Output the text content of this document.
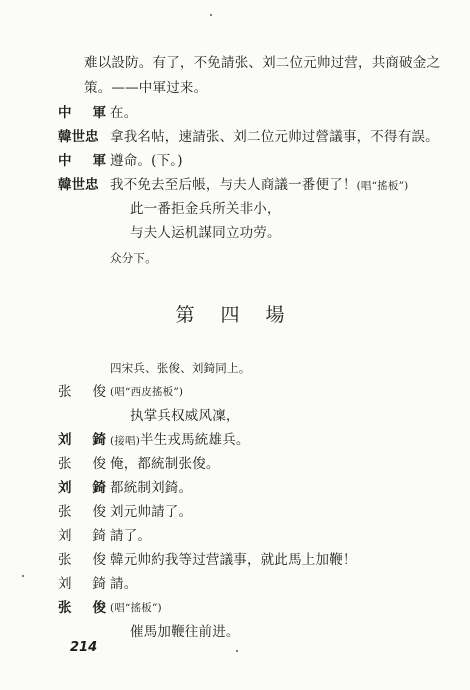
难以設防。有了，不免請张、刘二位元帅过营，共商破金之
策。——中軍过来。
中 軍 在。
韓世忠 拿我名帖，速請张、刘二位元帅过營議事，不得有誤。
中 軍 遵命。(下。)
韓世忠 我不免去至后帳，与夫人商議一番便了！(唱“搖板”)
此一番拒金兵所关非小，
与夫人运机謀同立功劳。
众分下。
第 四 場
四宋兵、张俊、刘錡同上。
张 俊 (唱“西皮搖板”)
执掌兵权威风凜，
刘 錡 (接唱)半生戎馬統雄兵。
张 俊 俺，都統制张俊。
刘 錡 都統制刘錡。
张 俊 刘元帅請了。
刘 錡 請了。
张 俊 韓元帅約我等过营議事，就此馬上加鞭！
刘 錡 請。
张 俊 (唱“搖板”)
催馬加鞭往前进。
214
